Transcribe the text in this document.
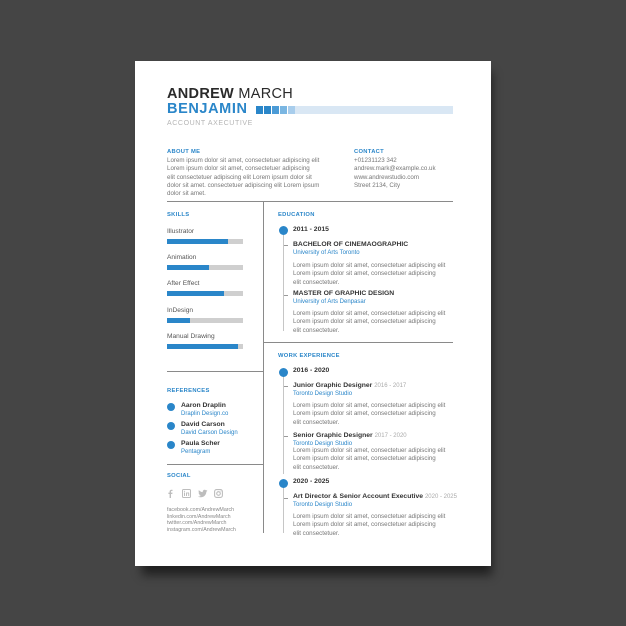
ANDREW MARCH
BENJAMIN
ACCOUNT AXECUTIVE
ABOUT ME
Lorem ipsum dolor sit amet, consectetuer adipiscing elit
Lorem ipsum dolor sit amet, consectetuer adipiscing
elit consectetuer adipiscing elit Lorem ipsum dolor sit
dolor sit amet. consectetuer adipiscing elit Lorem ipsum
dolor sit amet.
CONTACT
+01231123 342
andrew.mark@example.co.uk
www.andrewstudio.com
Street 2134, City
SKILLS
Illustrator
Animation
After Effect
InDesign
Manual Drawing
REFERENCES
Aaron Draplin
Draplin Design.co
David Carson
David Carson Design
Paula Scher
Pentagram
SOCIAL
facebook.com/AndrewMarch
linkedin.com/AndrewMarch
twitter.com/AndrewMarch
instagram.com/AndrewMarch
EDUCATION
2011 - 2015
BACHELOR OF CINEMAOGRAPHIC
University of Arts Toronto
Lorem ipsum dolor sit amet, consectetuer adipiscing elit
Lorem ipsum dolor sit amet, consectetuer adipiscing
elit consectetuer.
MASTER OF GRAPHIC DESIGN
University of Arts Denpasar
Lorem ipsum dolor sit amet, consectetuer adipiscing elit
Lorem ipsum dolor sit amet, consectetuer adipiscing
elit consectetuer.
WORK EXPERIENCE
2016 - 2020
Junior Graphic Designer 2016 - 2017
Toronto Design Studio
Lorem ipsum dolor sit amet, consectetuer adipiscing elit
Lorem ipsum dolor sit amet, consectetuer adipiscing
elit consectetuer.
Senior Graphic Designer 2017 - 2020
Lorem ipsum dolor sit amet, consectetuer adipiscing elit
Lorem ipsum dolor sit amet, consectetuer adipiscing
elit consectetuer.
Toronto Design Studio
2020 - 2025
Art Director & Senior Account Executive 2020 - 2025
Toronto Design Studio
Lorem ipsum dolor sit amet, consectetuer adipiscing elit
Lorem ipsum dolor sit amet, consectetuer adipiscing
elit consectetuer.
